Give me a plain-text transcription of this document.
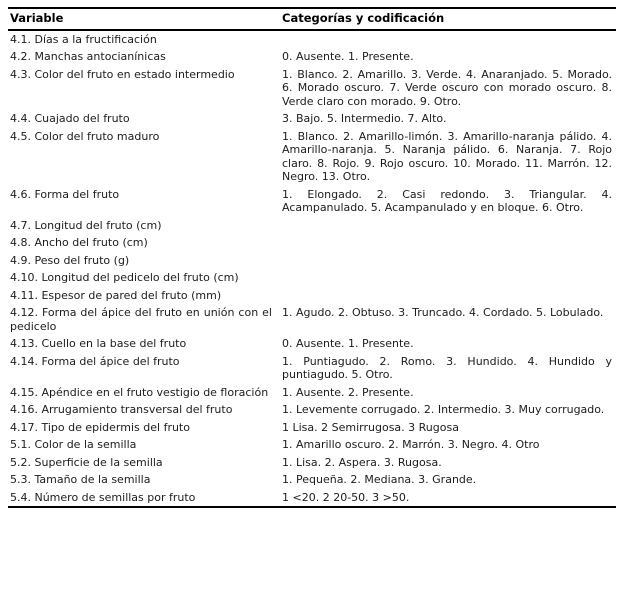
Variable	Categorías y codificación
4.1. Días a la fructificación	
4.2. Manchas antocianínicas	0. Ausente. 1. Presente.
4.3. Color del fruto en estado intermedio	1. Blanco. 2. Amarillo. 3. Verde. 4. Anaranjado. 5. Morado. 6. Morado oscuro. 7. Verde oscuro con morado oscuro. 8. Verde claro con morado. 9. Otro.
4.4. Cuajado del fruto	3. Bajo. 5. Intermedio. 7. Alto.
4.5. Color del fruto maduro	1. Blanco. 2. Amarillo-limón. 3. Amarillo-naranja pálido. 4. Amarillo-naranja. 5. Naranja pálido. 6. Naranja. 7. Rojo claro. 8. Rojo. 9. Rojo oscuro. 10. Morado. 11. Marrón. 12. Negro. 13. Otro.
4.6. Forma del fruto	1. Elongado. 2. Casi redondo. 3. Triangular. 4. Acampanulado. 5. Acampanulado y en bloque. 6. Otro.
4.7. Longitud del fruto (cm)	
4.8. Ancho del fruto (cm)	
4.9. Peso del fruto (g)	
4.10. Longitud del pedicelo del fruto (cm)	
4.11. Espesor de pared del fruto (mm)	
4.12. Forma del ápice del fruto en unión con el pedicelo	1. Agudo. 2. Obtuso. 3. Truncado. 4. Cordado. 5. Lobulado.
4.13. Cuello en la base del fruto	0. Ausente. 1. Presente.
4.14. Forma del ápice del fruto	1. Puntiagudo. 2. Romo. 3. Hundido. 4. Hundido y puntiagudo. 5. Otro.
4.15. Apéndice en el fruto vestigio de floración	1. Ausente. 2. Presente.
4.16. Arrugamiento transversal del fruto	1. Levemente corrugado. 2. Intermedio. 3. Muy corrugado.
4.17. Tipo de epidermis del fruto	1 Lisa. 2 Semirrugosa. 3 Rugosa
5.1. Color de la semilla	1. Amarillo oscuro. 2. Marrón. 3. Negro. 4. Otro
5.2. Superficie de la semilla	1. Lisa. 2. Aspera. 3. Rugosa.
5.3. Tamaño de la semilla	1. Pequeña. 2. Mediana. 3. Grande.
5.4. Número de semillas por fruto	1 <20. 2 20-50. 3 >50.
